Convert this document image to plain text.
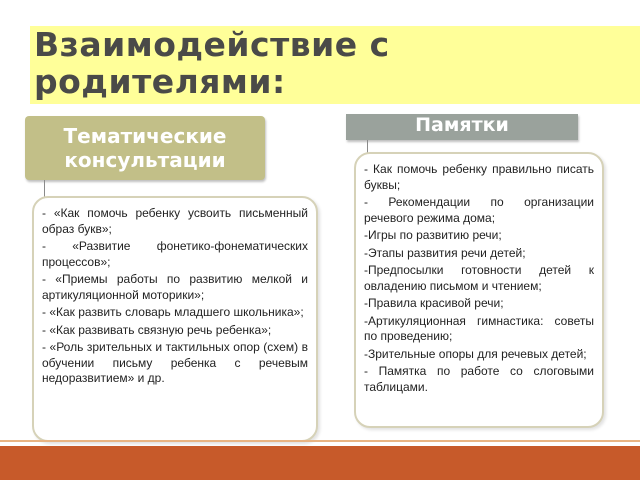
Взаимодействие с родителями:
Тематические
консультации
Памятки

- «Как помочь ребенку усвоить письменный образ букв»;

- «Развитие фонетико-фонематических процессов»;

- «Приемы работы по развитию мелкой и артикуляционной моторики»;

- «Как развить словарь младшего школьника»;

- «Как развивать связную речь ребенка»;

- «Роль зрительных и тактильных опор (схем) в обучении письму ребенка с речевым недоразвитием» и др.

- Как помочь ребенку правильно писать буквы;

- Рекомендации по организации речевого режима дома;

-Игры по развитию речи;

-Этапы развития речи детей;

-Предпосылки готовности детей к овладению письмом и чтением;

-Правила красивой речи;

-Артикуляционная гимнастика: советы по проведению;

-Зрительные опоры для речевых детей;

- Памятка по работе со слоговыми таблицами.
